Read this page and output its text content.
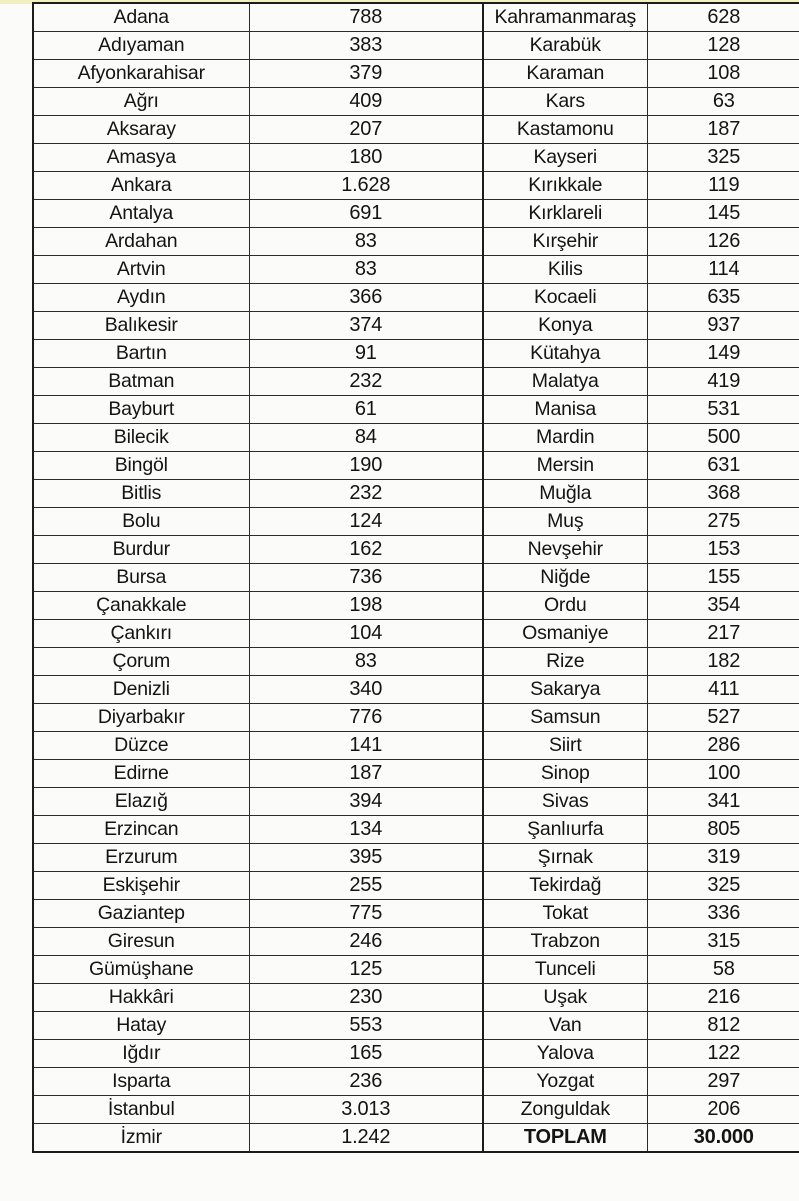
Adana	788	Kahramanmaraş	628
Adıyaman	383	Karabük	128
Afyonkarahisar	379	Karaman	108
Ağrı	409	Kars	63
Aksaray	207	Kastamonu	187
Amasya	180	Kayseri	325
Ankara	1.628	Kırıkkale	119
Antalya	691	Kırklareli	145
Ardahan	83	Kırşehir	126
Artvin	83	Kilis	114
Aydın	366	Kocaeli	635
Balıkesir	374	Konya	937
Bartın	91	Kütahya	149
Batman	232	Malatya	419
Bayburt	61	Manisa	531
Bilecik	84	Mardin	500
Bingöl	190	Mersin	631
Bitlis	232	Muğla	368
Bolu	124	Muş	275
Burdur	162	Nevşehir	153
Bursa	736	Niğde	155
Çanakkale	198	Ordu	354
Çankırı	104	Osmaniye	217
Çorum	83	Rize	182
Denizli	340	Sakarya	411
Diyarbakır	776	Samsun	527
Düzce	141	Siirt	286
Edirne	187	Sinop	100
Elazığ	394	Sivas	341
Erzincan	134	Şanlıurfa	805
Erzurum	395	Şırnak	319
Eskişehir	255	Tekirdağ	325
Gaziantep	775	Tokat	336
Giresun	246	Trabzon	315
Gümüşhane	125	Tunceli	58
Hakkâri	230	Uşak	216
Hatay	553	Van	812
Iğdır	165	Yalova	122
Isparta	236	Yozgat	297
İstanbul	3.013	Zonguldak	206
İzmir	1.242	TOPLAM	30.000
